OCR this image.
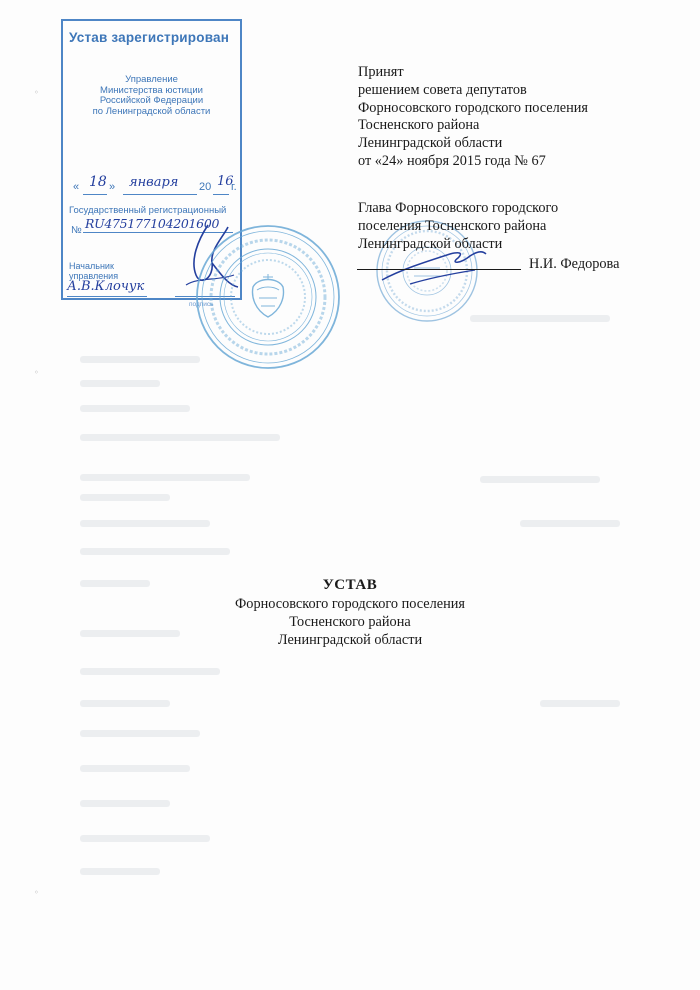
◦
◦
◦
Устав зарегистрирован
Управление
Министерства юстиции
Российской Федерации
по Ленинградской области
« 18 » января 20 16
г.
Государственный регистрационный
№ RU475177104201600
Начальник
управления
А.В.Клочук
подпись
Принят
решением совета депутатов
Форносовского городского поселения
Тосненского района
Ленинградской области
от «24» ноября 2015 года № 67
Глава Форносовского городского
поселения Тосненского района
Ленинградской области
Н.И. Федорова
УСТАВ
Форносовского городского поселения
Тосненского района
Ленинградской области
